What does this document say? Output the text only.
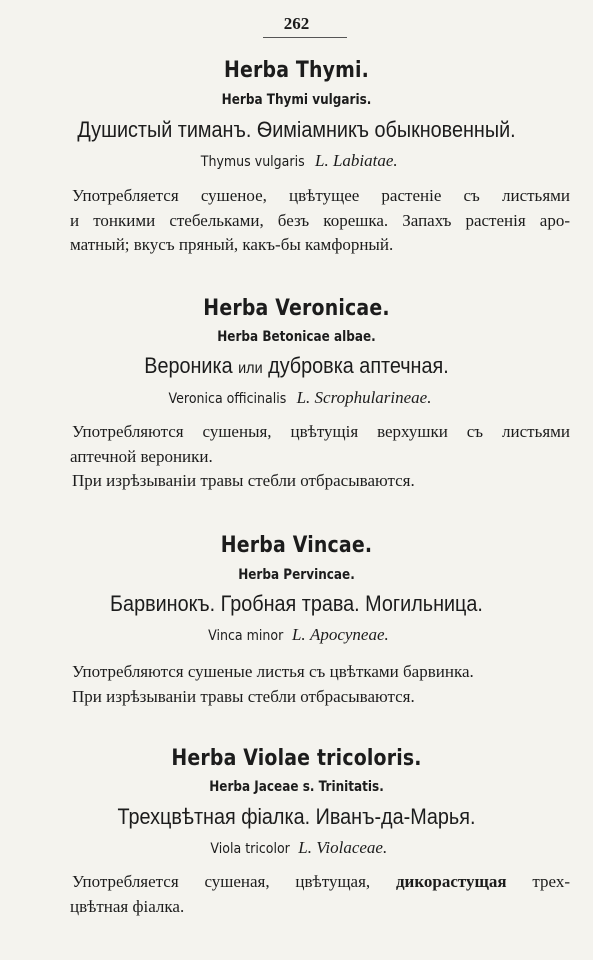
262
Herba Thymi.
Herba Thymi vulgaris.
Душистый тиманъ. Ѳиміамникъ обыкновенный.
Thymus vulgaris L. Labiatae.
Употребляется сушеное, цвѣтущее растеніе съ листьями
и тонкими стебельками, безъ корешка. Запахъ растенія аро-
матный; вкусъ пряный, какъ-бы камфорный.
Herba Veronicae.
Herba Betonicae albae.
Вероника или дубровка аптечная.
Veronica officinalis L. Scrophularineae.
Употребляются сушеныя, цвѣтущія верхушки съ листьями
аптечной вероники.
При изрѣзываніи травы стебли отбрасываются.
Herba Vincae.
Herba Pervincae.
Барвинокъ. Гробная трава. Могильница.
Vinca minor L. Apocyneae.
Употребляются сушеные листья съ цвѣтками барвинка.
При изрѣзываніи травы стебли отбрасываются.
Herba Violae tricoloris.
Herba Jaceae s. Trinitatis.
Трехцвѣтная фіалка. Иванъ-да-Марья.
Viola tricolor L. Violaceae.
Употребляется сушеная, цвѣтущая, дикорастущая трех-
цвѣтная фіалка.
